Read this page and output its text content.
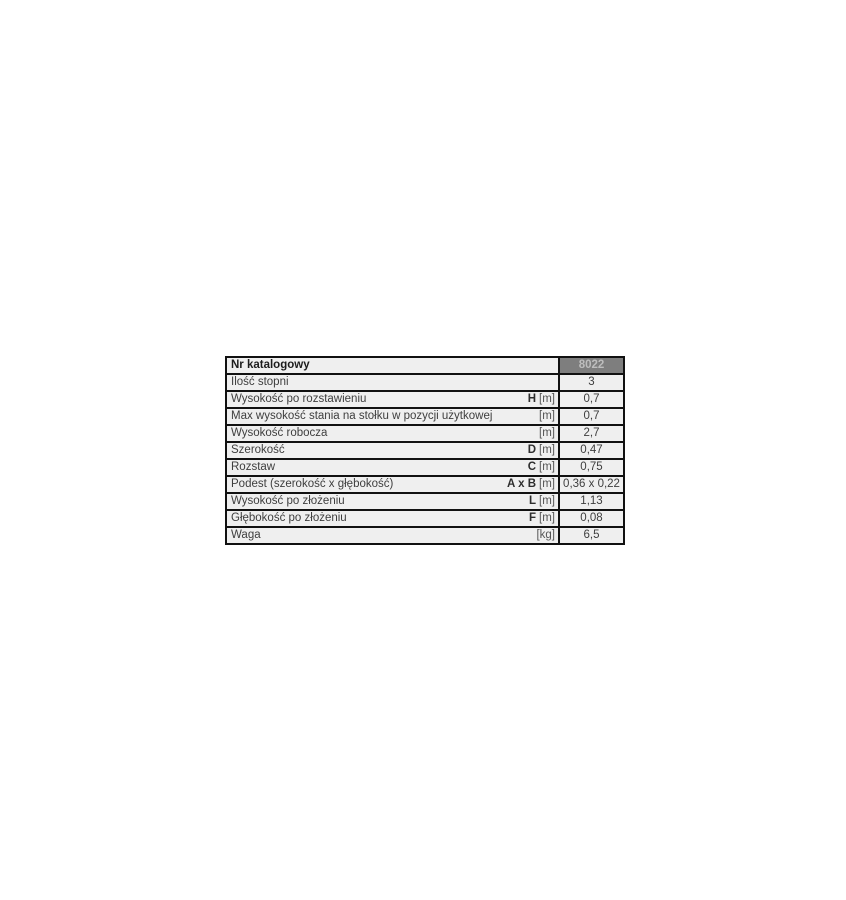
Nr katalogowy	8022

Ilość stopni	3

Wysokość po rozstawieniu H [m]	0,7

Max wysokość stania na stołku w pozycji użytkowej [m]	0,7

Wysokość robocza [m]	2,7

Szerokość D [m]	0,47

Rozstaw C [m]	0,75

Podest (szerokość x głębokość) A x B [m]	0,36 x 0,22

Wysokość po złożeniu L [m]	1,13

Głębokość po złożeniu F [m]	0,08

Waga [kg]	6,5
